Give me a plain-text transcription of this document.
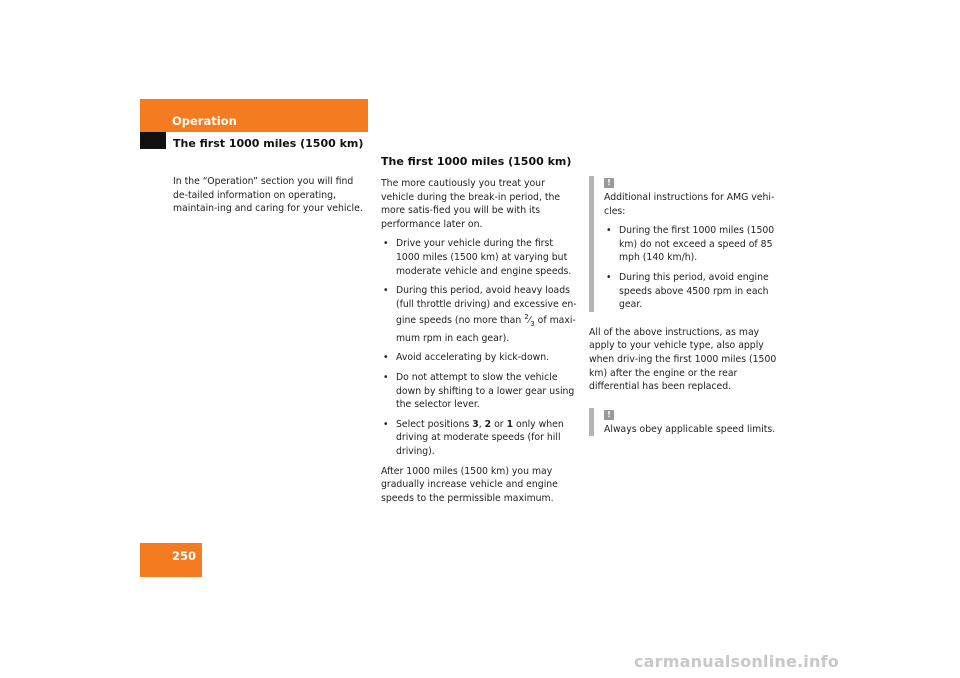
Operation
The first 1000 miles (1500 km)
In the “Operation” section you will find de-tailed information on operating, maintain-ing and caring for your vehicle.
The first 1000 miles (1500 km)

The more cautiously you treat your vehicle during the break-in period, the more satis-fied you will be with its performance later on.

• Drive your vehicle during the first 1000 miles (1500 km) at varying but moderate vehicle and engine speeds.
• During this period, avoid heavy loads (full throttle driving) and excessive en-gine speeds (no more than $^2⁄_3$ of maxi-mum rpm in each gear).
• Avoid accelerating by kick-down.
• Do not attempt to slow the vehicle down by shifting to a lower gear using the selector lever.
• Select positions 3, 2 or 1 only when driving at moderate speeds (for hill driving).

After 1000 miles (1500 km) you may gradually increase vehicle and engine speeds to the permissible maximum.

!

Additional instructions for AMG vehi-cles:

• During the first 1000 miles (1500 km) do not exceed a speed of 85 mph (140 km/h).
• During this period, avoid engine speeds above 4500 rpm in each gear.

All of the above instructions, as may apply to your vehicle type, also apply when driv-ing the first 1000 miles (1500 km) after the engine or the rear differential has been replaced.

!

Always obey applicable speed limits.

250
carmanualsonline.info
